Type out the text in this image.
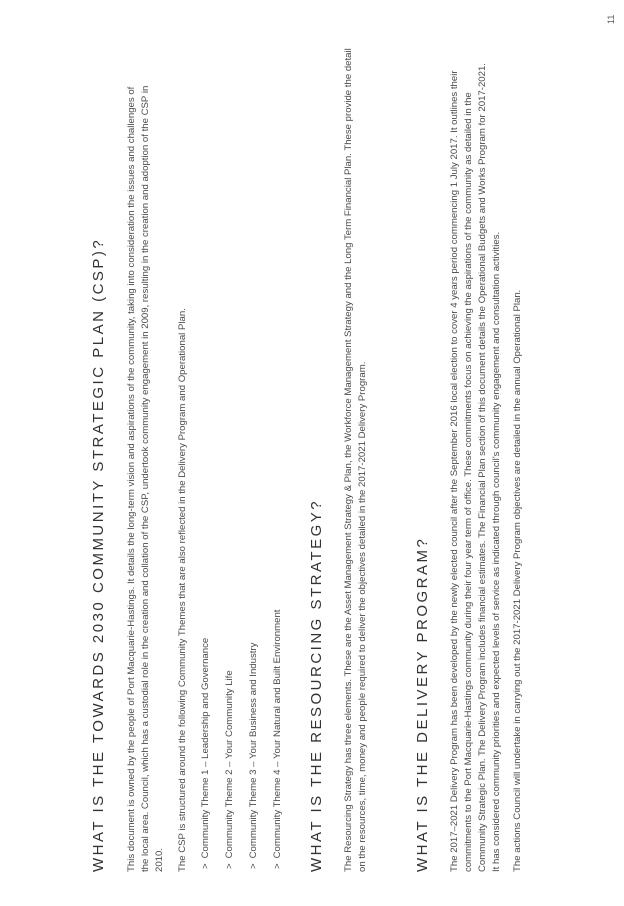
11
WHAT IS THE TOWARDS 2030 COMMUNITY STRATEGIC PLAN (CSP)? This document is owned by the people of Port Macquarie-Hastings. It details the long-term vision and aspirations of the community, taking into consideration the issues and challenges of the local area. Council, which has a custodial role in the creation and collation of the CSP, undertook community engagement in 2009, resulting in the creation and adoption of the CSP in 2010. The CSP is structured around the following Community Themes that are also reflected in the Delivery Program and Operational Plan.	>Community Theme 1 – Leadership and Governance
>Community Theme 2 – Your Community Life
>Community Theme 3 – Your Business and Industry
>Community Theme 4 – Your Natural and Built Environment	WHAT IS THE RESOURCING STRATEGY? The Resourcing Strategy has three elements. These are the Asset Management Strategy & Plan, the Workforce Management Strategy and the Long Term Financial Plan. These provide the detail on the resources, time, money and people required to deliver the objectives detailed in the 2017-2021 Delivery Program.	WHAT IS THE DELIVERY PROGRAM? The 2017–2021 Delivery Program has been developed by the newly elected council after the September 2016 local election to cover 4 years period commencing 1 July 2017. It outlines their commitments to the Port Macquarie-Hastings community during their four year term of office. These commitments focus on achieving the aspirations of the community as detailed in the Community Strategic Plan. The Delivery Program includes financial estimates. The Financial Plan section of this document details the Operational Budgets and Works Program for 2017-2021. It has considered community priorities and expected levels of service as indicated through council's community engagement and consultation activities. The actions Council will undertake in carrying out the 2017-2021 Delivery Program objectives are detailed in the annual Operational Plan.
